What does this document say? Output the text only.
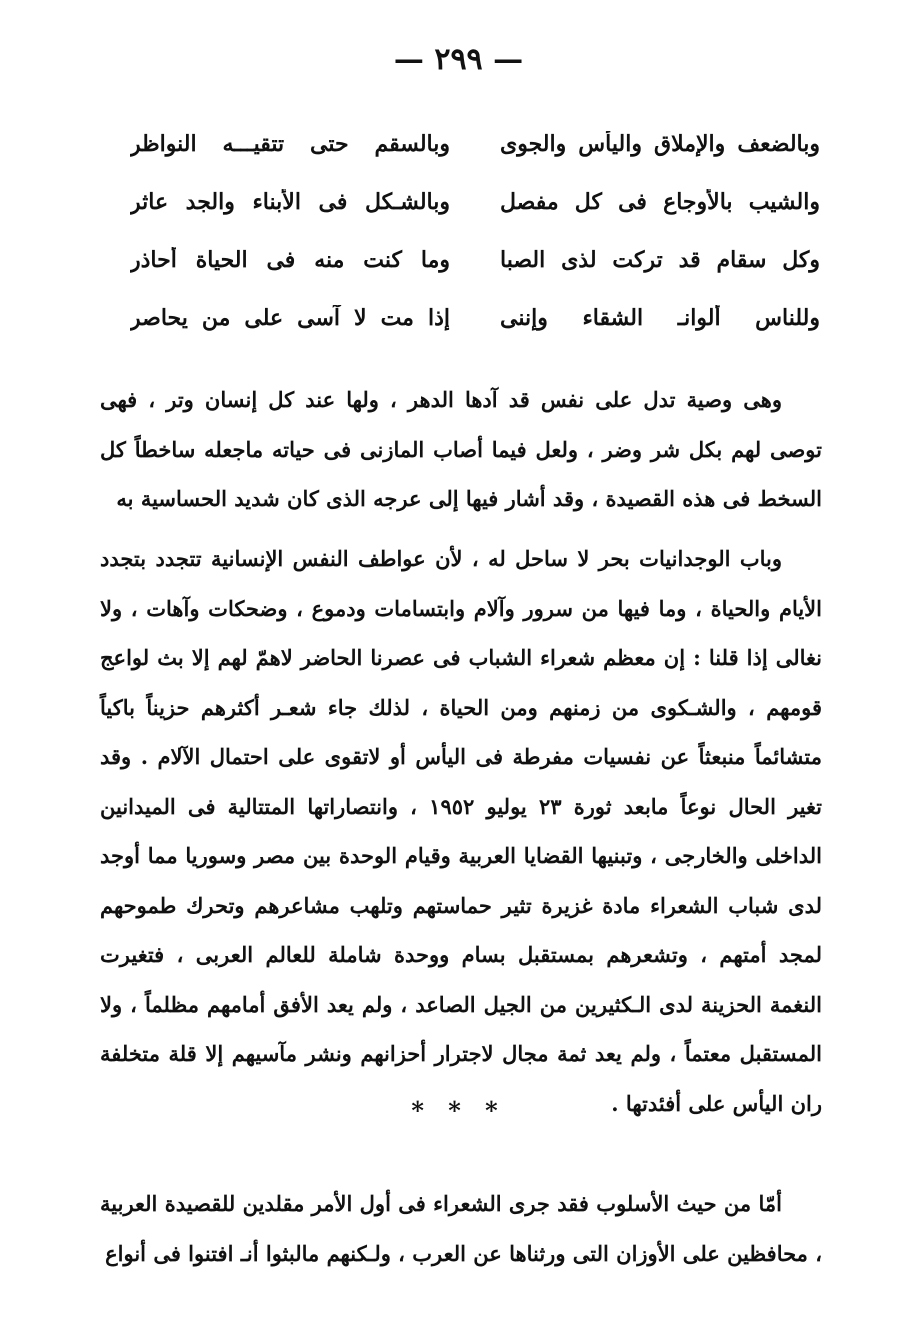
— ٢٩٩ —
وبالضعف والإملاق واليأس والجوى
وبالسقم حتى تتقيـــه النواظر
والشيب بالأوجاع فى كل مفصل
وبالشـكل فى الأبناء والجد عاثر
وكل سقام قد تركت لذى الصبا
وما كنت منه فى الحياة أحاذر
وللناس ألوانـ الشقاء وإننى
إذا مت لا آسى على من يحاصر

وهى وصية تدل على نفس قد آدها الدهر ، ولها عند كل إنسان وتر ، فهى توصى لهم بكل شر وضر ، ولعل فيما أصاب المازنى فى حياته ماجعله ساخطاً كل السخط فى هذه القصيدة ، وقد أشار فيها إلى عرجه الذى كان شديد الحساسية به

وباب الوجدانيات بحر لا ساحل له ، لأن عواطف النفس الإنسانية تتجدد بتجدد الأيام والحياة ، وما فيها من سرور وآلام وابتسامات ودموع ، وضحكات وآهات ، ولا نغالى إذا قلنا : إن معظم شعراء الشباب فى عصرنا الحاضر لاهمّ لهم إلا بث لواعج قومهم ، والشـكوى من زمنهم ومن الحياة ، لذلك جاء شعـر أكثرهم حزيناً باكياً متشائماً منبعثاً عن نفسيات مفرطة فى اليأس أو لاتقوى على احتمال الآلام . وقد تغير الحال نوعاً مابعد ثورة ٢٣ يوليو ١٩٥٢ ، وانتصاراتها المتتالية فى الميدانين الداخلى والخارجى ، وتبنيها القضايا العربية وقيام الوحدة بين مصر وسوريا مما أوجد لدى شباب الشعراء مادة غزيرة تثير حماستهم وتلهب مشاعرهم وتحرك طموحهم لمجد أمتهم ، وتشعرهم بمستقبل بسام ووحدة شاملة للعالم العربى ، فتغيرت النغمة الحزينة لدى الـكثيرين من الجيل الصاعد ، ولم يعد الأفق أمامهم مظلماً ، ولا المستقبل معتماً ، ولم يعد ثمة مجال لاجترار أحزانهم ونشر مآسيهم إلا قلة متخلفة ران اليأس على أفئدتها .

* * *

أمّا من حيث الأسلوب فقد جرى الشعراء فى أول الأمر مقلدين للقصيدة العربية ، محافظين على الأوزان التى ورثناها عن العرب ، ولـكنهم مالبثوا أنـ افتنوا فى أنواع
